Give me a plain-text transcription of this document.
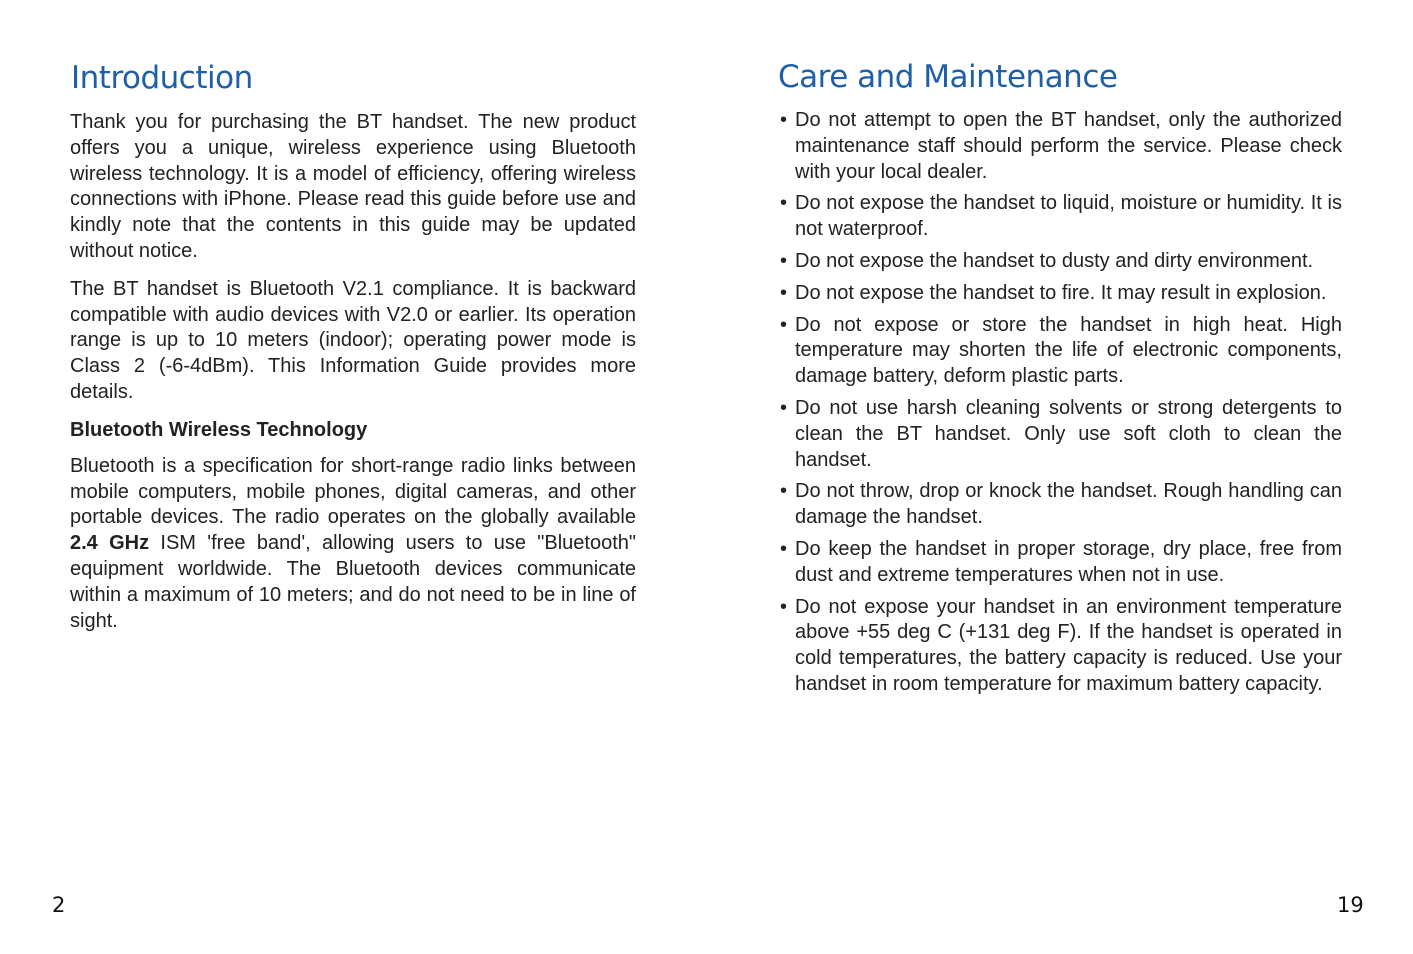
Introduction

Thank you for purchasing the BT handset. The new product offers you a unique, wireless experience using Bluetooth wireless technology. It is a model of efficiency, offering wireless connections with iPhone. Please read this guide before use and kindly note that the contents in this guide may be updated without notice.

The BT handset is Bluetooth V2.1 compliance. It is backward compatible with audio devices with V2.0 or earlier. Its operation range is up to 10 meters (indoor); operating power mode is Class 2 (-6-4dBm). This Information Guide provides more details.

Bluetooth Wireless Technology

Bluetooth is a specification for short-range radio links between mobile computers, mobile phones, digital cameras, and other portable devices. The radio operates on the globally available 2.4 GHz ISM 'free band', allowing users to use "Bluetooth" equipment worldwide. The Bluetooth devices communicate within a maximum of 10 meters; and do not need to be in line of sight.

Care and Maintenance
• Do not attempt to open the BT handset, only the authorized maintenance staff should perform the service. Please check with your local dealer.

• Do not expose the handset to liquid, moisture or humidity. It is not waterproof.

• Do not expose the handset to dusty and dirty environment.

• Do not expose the handset to fire. It may result in explosion.

• Do not expose or store the handset in high heat. High temperature may shorten the life of electronic components, damage battery, deform plastic parts.

• Do not use harsh cleaning solvents or strong detergents to clean the BT handset. Only use soft cloth to clean the handset.

• Do not throw, drop or knock the handset. Rough handling can damage the handset.

• Do keep the handset in proper storage, dry place, free from dust and extreme temperatures when not in use.

• Do not expose your handset in an environment temperature above +55 deg C (+131 deg F). If the handset is operated in cold temperatures, the battery capacity is reduced. Use your handset in room temperature for maximum battery capacity.

2	19
